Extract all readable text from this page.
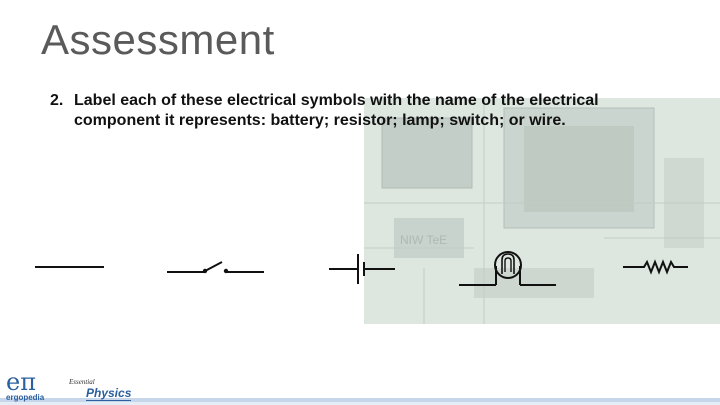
NIW TeE
Assessment
2. Label each of these electrical symbols with the name of the electrical
component it represents: battery; resistor; lamp; switch; or wire.
eπ
ergopedia
Essential
Physics
